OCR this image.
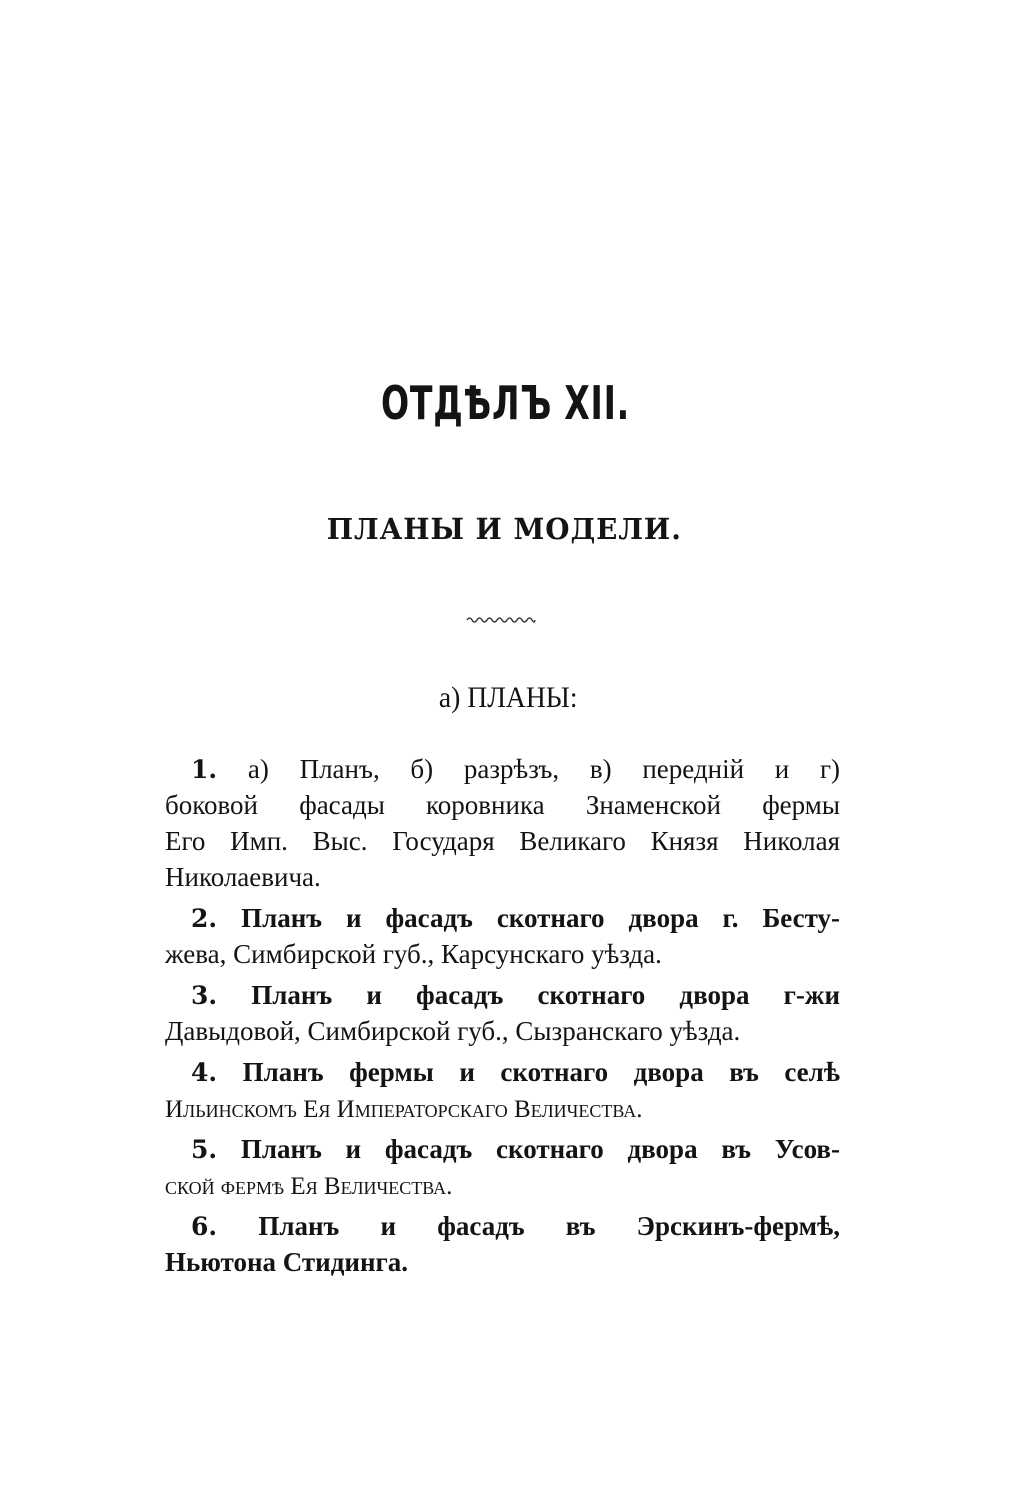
ОТДѢЛЪ XII.
ПЛАНЫ И МОДЕЛИ.
а) ПЛАНЫ:
1. а) Планъ, б) разрѣзъ, в) передній и г)
боковой фасады коровника Знаменской фермы
Его Имп. Выс. Государя Великаго Князя Николая
Николаевича.
2. Планъ и фасадъ скотнаго двора г. Бесту-
жева, Симбирской губ., Карсунскаго уѣзда.
3. Планъ и фасадъ скотнаго двора г-жи
Давыдовой, Симбирской губ., Сызранскаго уѣзда.
4. Планъ фермы и скотнаго двора въ селѣ
Ильинскомъ Ея Императорскаго Величества.
5. Планъ и фасадъ скотнаго двора въ Усов-
ской фермѣ Ея Величества.
6. Планъ и фасадъ въ Эрскинъ-фермѣ,
Ньютона Стидинга.
